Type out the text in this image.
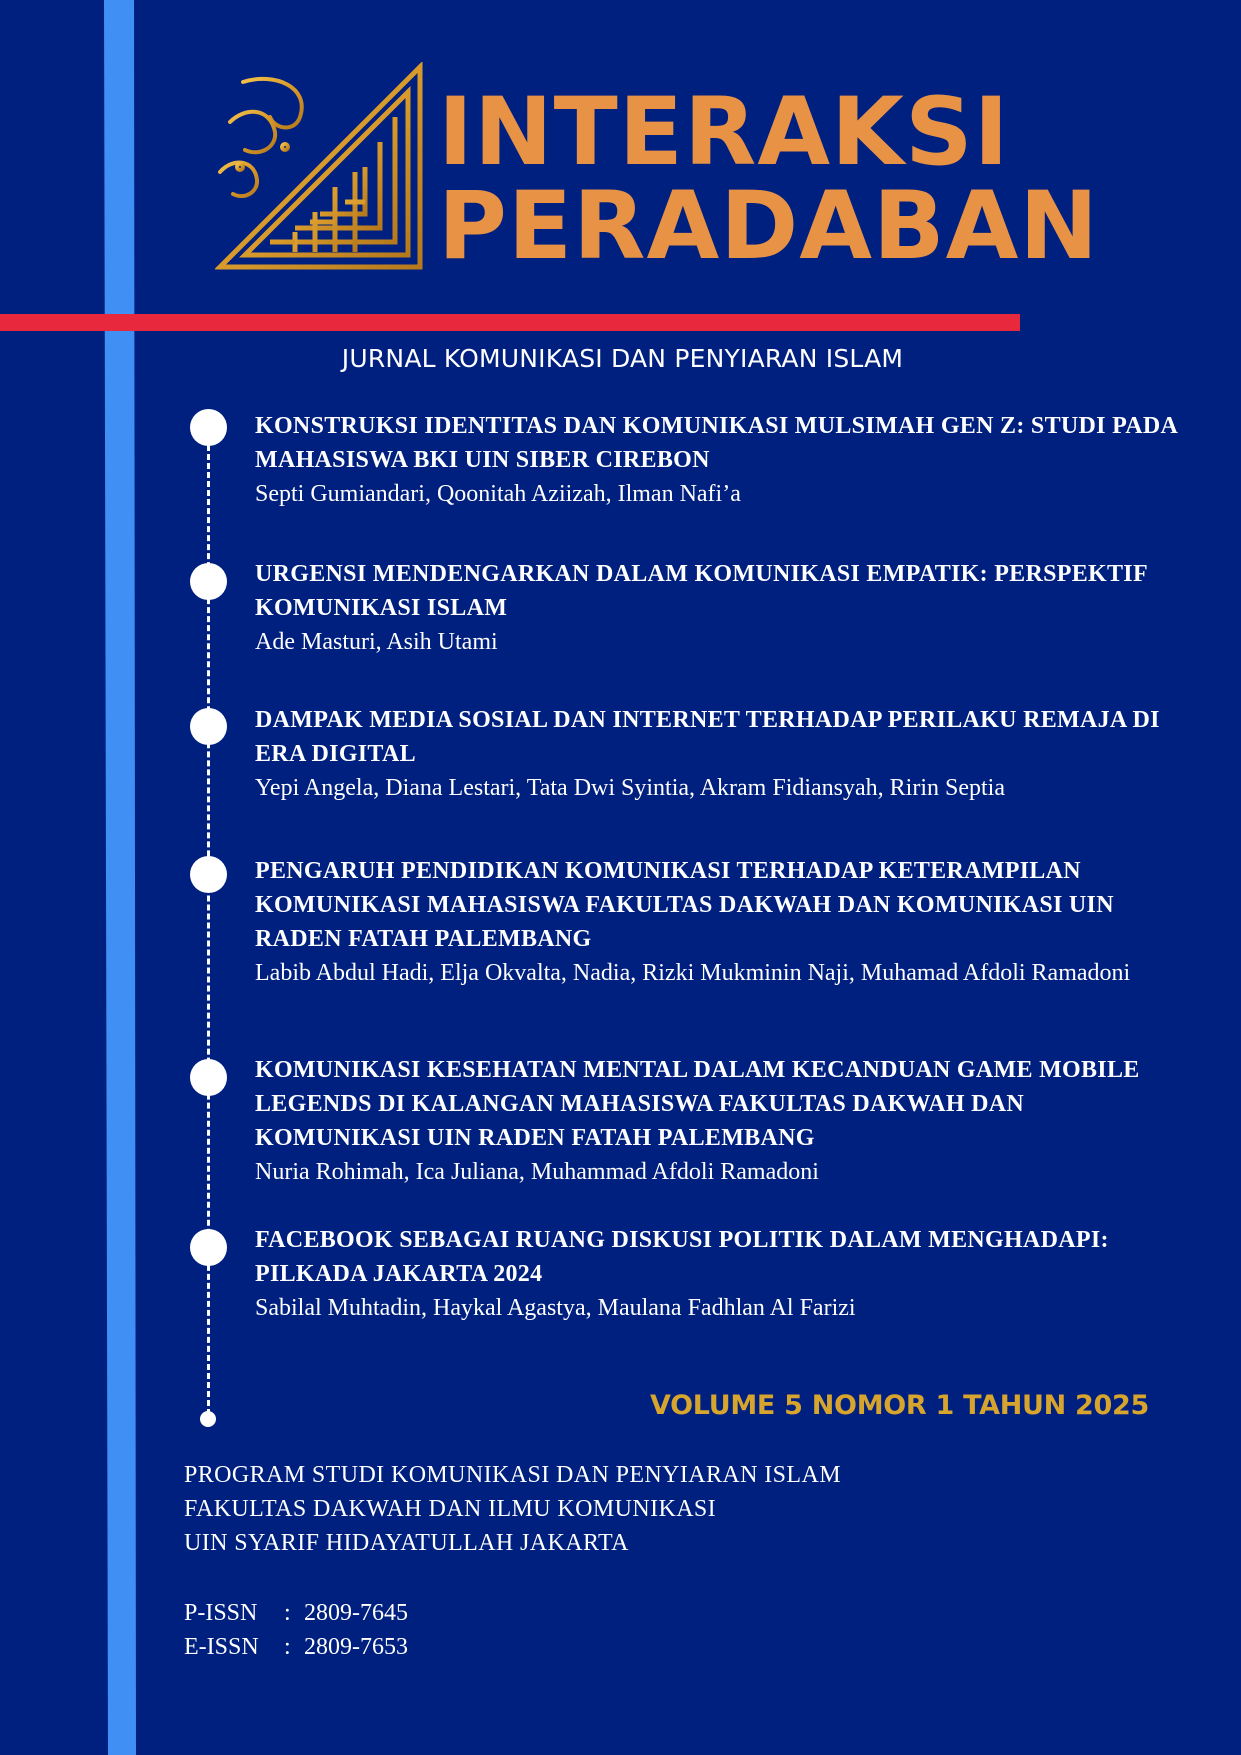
INTERAKSI
PERADABAN
JURNAL KOMUNIKASI DAN PENYIARAN ISLAM
KONSTRUKSI IDENTITAS DAN KOMUNIKASI MULSIMAH GEN Z: STUDI PADA MAHASISWA BKI UIN SIBER CIREBON
Septi Gumiandari, Qoonitah Aziizah, Ilman Nafi’a
URGENSI MENDENGARKAN DALAM KOMUNIKASI EMPATIK: PERSPEKTIF KOMUNIKASI ISLAM
Ade Masturi, Asih Utami
DAMPAK MEDIA SOSIAL DAN INTERNET TERHADAP PERILAKU REMAJA DI ERA DIGITAL
Yepi Angela, Diana Lestari, Tata Dwi Syintia, Akram Fidiansyah, Ririn Septia
PENGARUH PENDIDIKAN KOMUNIKASI TERHADAP KETERAMPILAN KOMUNIKASI MAHASISWA FAKULTAS DAKWAH DAN KOMUNIKASI UIN RADEN FATAH PALEMBANG
Labib Abdul Hadi, Elja Okvalta, Nadia, Rizki Mukminin Naji, Muhamad Afdoli Ramadoni
KOMUNIKASI KESEHATAN MENTAL DALAM KECANDUAN GAME MOBILE LEGENDS DI KALANGAN MAHASISWA FAKULTAS DAKWAH DAN KOMUNIKASI UIN RADEN FATAH PALEMBANG
Nuria Rohimah, Ica Juliana, Muhammad Afdoli Ramadoni
FACEBOOK SEBAGAI RUANG DISKUSI POLITIK DALAM MENGHADAPI: PILKADA JAKARTA 2024
Sabilal Muhtadin, Haykal Agastya, Maulana Fadhlan Al Farizi
VOLUME 5 NOMOR 1 TAHUN 2025
PROGRAM STUDI KOMUNIKASI DAN PENYIARAN ISLAM
FAKULTAS DAKWAH DAN ILMU KOMUNIKASI
UIN SYARIF HIDAYATULLAH JAKARTA
P-ISSN	: 2809-7645
E-ISSN	: 2809-7653
